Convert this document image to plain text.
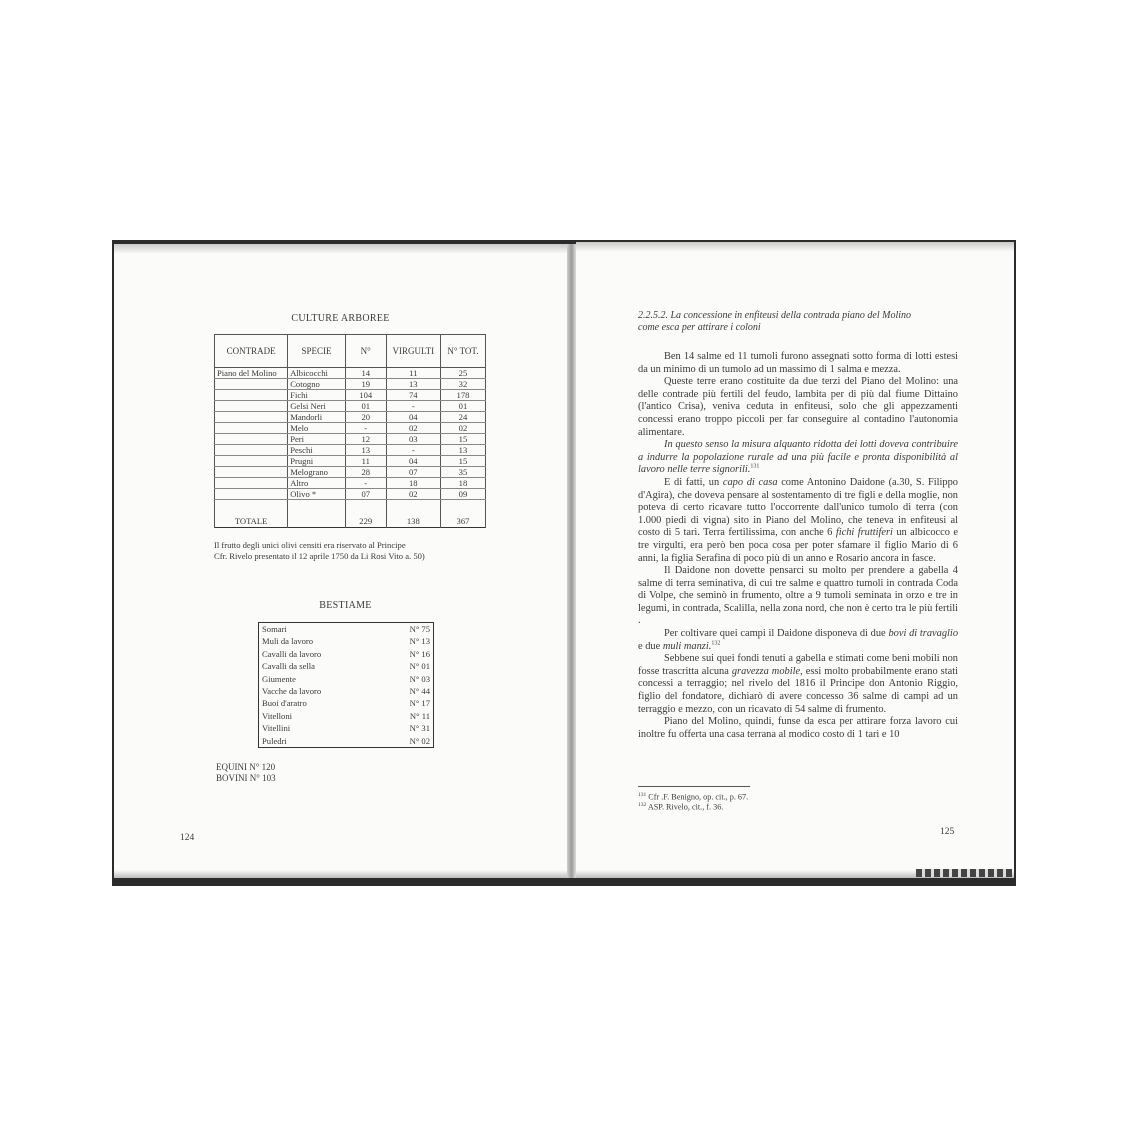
CULTURE ARBOREE
CONTRADE	SPECIE	N°	VIRGULTI	N° TOT.
Piano del Molino	Albicocchi	14	11	25
	Cotogno	19	13	32
	Fichi	104	74	178
	Gelsi Neri	01	-	01
	Mandorli	20	04	24
	Melo	-	02	02
	Peri	12	03	15
	Peschi	13	-	13
	Prugni	11	04	15
	Melograno	28	07	35
	Altro	-	18	18
	Olivo *	07	02	09
TOTALE		229	138	367
Il frutto degli unici olivi censiti era riservato al Principe
Cfr. Rivelo presentato il 12 aprile 1750 da Li Rosi Vito a. 50)
BESTIAME
Somari	N° 75
Muli da lavoro	N° 13
Cavalli da lavoro	N° 16
Cavalli da sella	N° 01
Giumente	N° 03
Vacche da lavoro	N° 44
Buoi d'aratro	N° 17
Vitelloni	N° 11
Vitellini	N° 31
Puledri	N° 02
EQUINI N° 120
BOVINI N° 103
124
2.2.5.2. La concessione in enfiteusi della contrada piano del Molino
come esca per attirare i coloni

Ben 14 salme ed 11 tumoli furono assegnati sotto forma di lotti estesi da un minimo di un tumolo ad un massimo di 1 salma e mezza.

Queste terre erano costituite da due terzi del Piano del Molino: una delle contrade più fertili del feudo, lambita per di più dal fiume Dittaino (l'antico Crisa), veniva ceduta in enfiteusi, solo che gli appezzamenti concessi erano troppo piccoli per far conseguire al contadino l'autonomia alimentare.

In questo senso la misura alquanto ridotta dei lotti doveva contribuire a indurre la popolazione rurale ad una più facile e pronta disponibilità al lavoro nelle terre signorili.$^{131}$

E di fatti, un capo di casa come Antonino Daidone (a.30, S. Filippo d'Agira), che doveva pensare al sostentamento di tre figli e della moglie, non poteva di certo ricavare tutto l'occorrente dall'unico tumolo di terra (con 1.000 piedi di vigna) sito in Piano del Molino, che teneva in enfiteusi al costo di 5 tarì. Terra fertilissima, con anche 6 fichi fruttiferi un albicocco e tre virgulti, era però ben poca cosa per poter sfamare il figlio Mario di 6 anni, la figlia Serafina di poco più di un anno e Rosario ancora in fasce.

Il Daidone non dovette pensarci su molto per prendere a gabella 4 salme di terra seminativa, di cui tre salme e quattro tumoli in contrada Coda di Volpe, che seminò in frumento, oltre a 9 tumoli seminata in orzo e tre in legumi, in contrada, Scalilla, nella zona nord, che non è certo tra le più fertili .

Per coltivare quei campi il Daidone disponeva di due bovi di travaglio e due muli manzi.$^{132}$

Sebbene sui quei fondi tenuti a gabella e stimati come beni mobili non fosse trascritta alcuna gravezza mobile, essi molto probabilmente erano stati concessi a terraggio; nel rivelo del 1816 il Principe don Antonio Riggio, figlio del fondatore, dichiarò di avere concesso 36 salme di campi ad un terraggio e mezzo, con un ricavato di 54 salme di frumento.

Piano del Molino, quindi, funse da esca per attirare forza lavoro cui inoltre fu offerta una casa terrana al modico costo di 1 tarì e 10

$^{131}$ Cfr .F. Benigno, op. cit., p. 67.
$^{132}$ ASP. Rivelo, cit., f. 36.
125
